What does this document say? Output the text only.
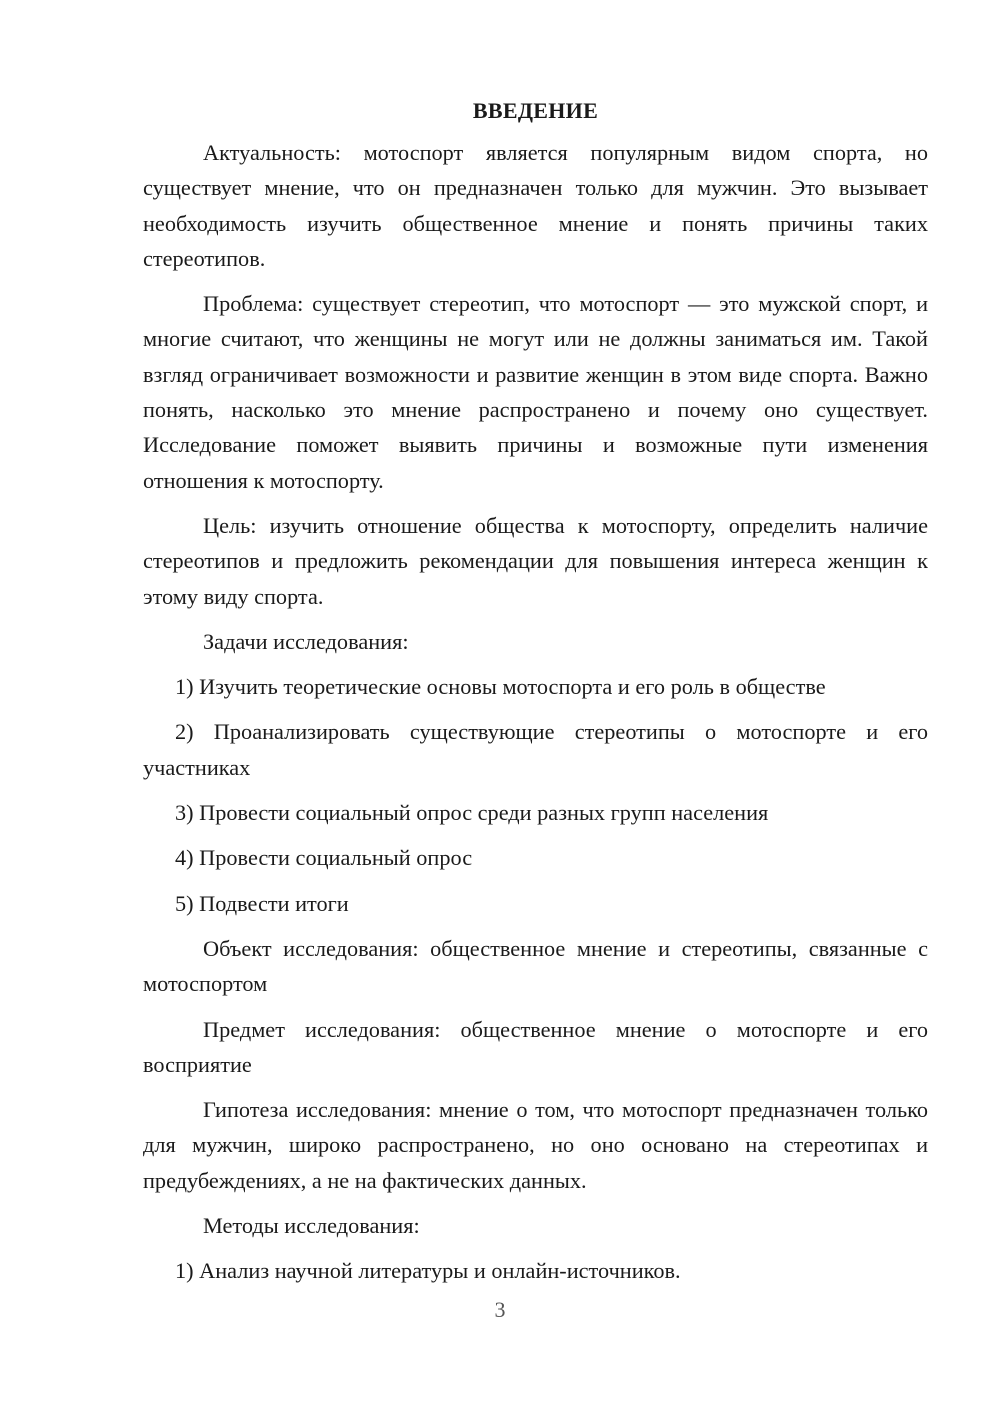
ВВЕДЕНИЕ

Актуальность: мотоспорт является популярным видом спорта, но существует мнение, что он предназначен только для мужчин. Это вызывает необходимость изучить общественное мнение и понять причины таких стереотипов.

Проблема: существует стереотип, что мотоспорт — это мужской спорт, и многие считают, что женщины не могут или не должны заниматься им. Такой взгляд ограничивает возможности и развитие женщин в этом виде спорта. Важно понять, насколько это мнение распространено и почему оно существует. Исследование поможет выявить причины и возможные пути изменения отношения к мотоспорту.

Цель: изучить отношение общества к мотоспорту, определить наличие стереотипов и предложить рекомендации для повышения интереса женщин к этому виду спорта.

Задачи исследования:

1) Изучить теоретические основы мотоспорта и его роль в обществе

2) Проанализировать существующие стереотипы о мотоспорте и его участниках

3) Провести социальный опрос среди разных групп населения

4) Провести социальный опрос

5) Подвести итоги

Объект исследования: общественное мнение и стереотипы, связанные с мотоспортом

Предмет исследования: общественное мнение о мотоспорте и его восприятие

Гипотеза исследования: мнение о том, что мотоспорт предназначен только для мужчин, широко распространено, но оно основано на стереотипах и предубеждениях, а не на фактических данных.

Методы исследования:

1) Анализ научной литературы и онлайн-источников.

3
